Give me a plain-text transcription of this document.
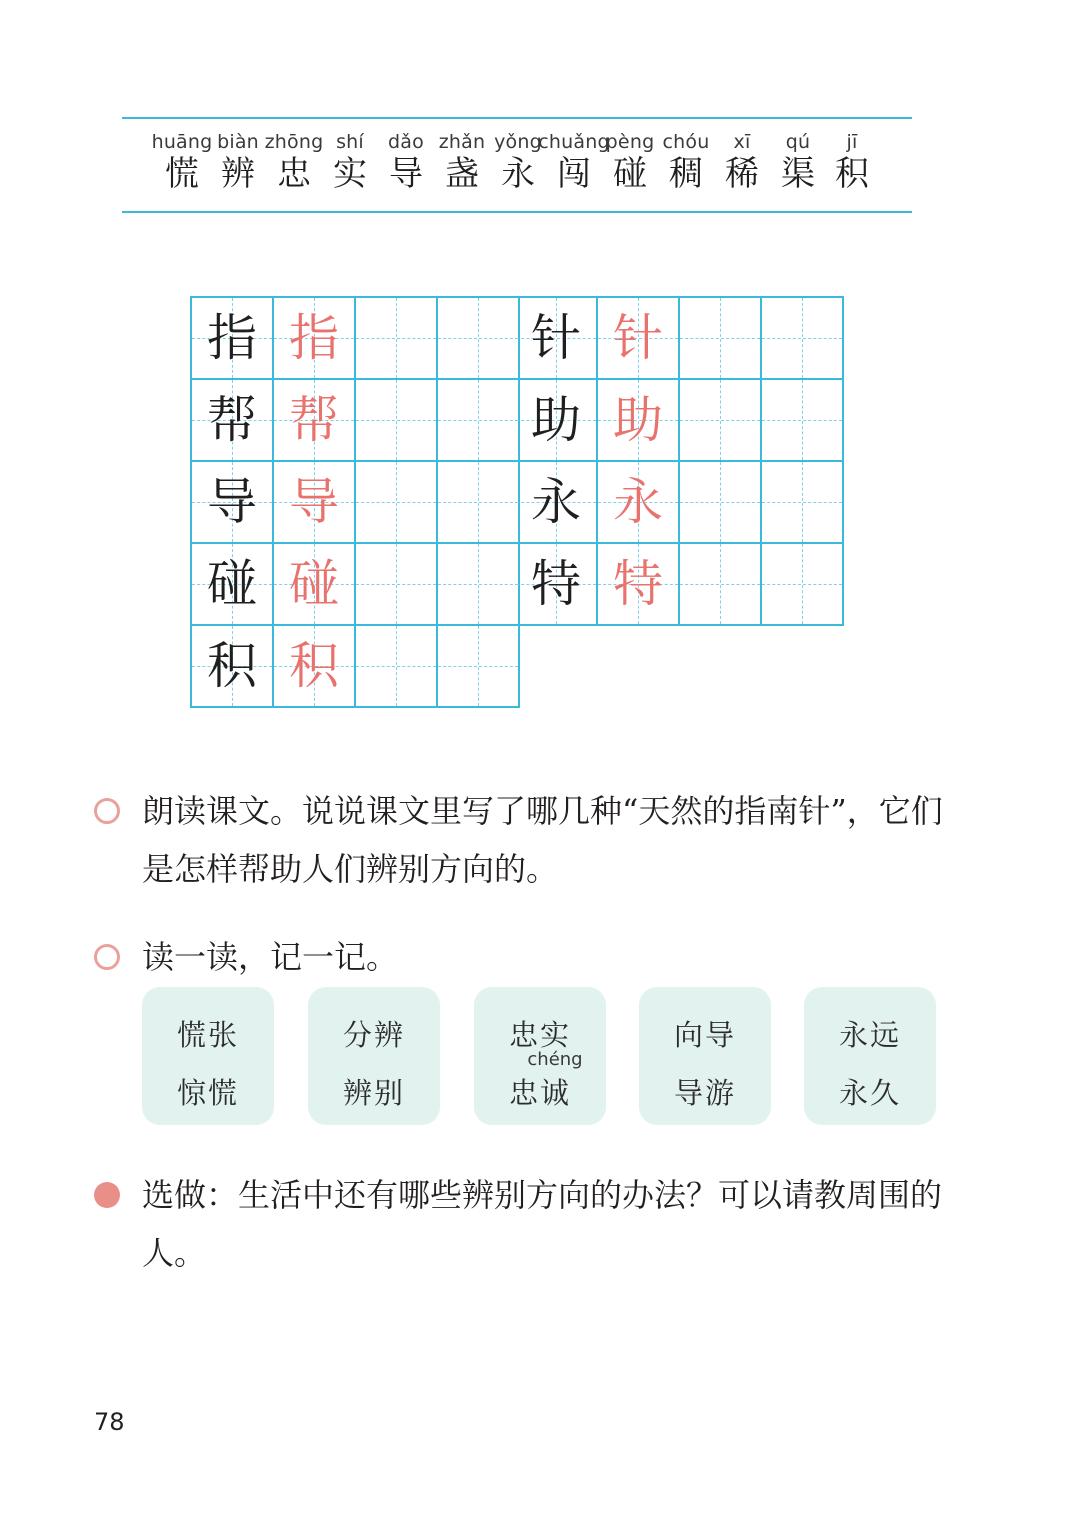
huāng
慌
biàn
辨
zhōng
忠
shí
实
dǎo
导
zhǎn
盏
yǒng
永
chuǎng
闯
pèng
碰
chóu
稠
xī
稀
qú
渠
jī
积
指 指
帮 帮
导 导
碰 碰
积 积
针 针
助 助
永 永
特 特
朗读课文。说说课文里写了哪几种“天然的指南针”，它们是怎样帮助人们辨别方向的。
读一读，记一记。
慌张
惊慌
分辨
辨别
忠实
chéng
忠诚
向导
导游
永远
永久
选做：生活中还有哪些辨别方向的办法？可以请教周围的人。
78
